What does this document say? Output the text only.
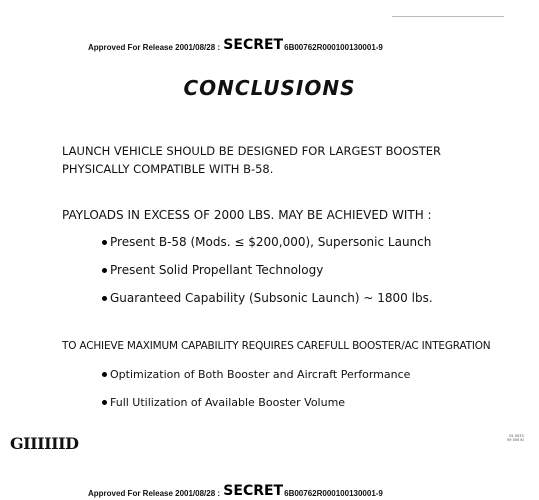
Approved For Release 2001/08/28 : SECRET6B00762R000100130001-9
CONCLUSIONS
LAUNCH VEHICLE SHOULD BE DESIGNED FOR LARGEST BOOSTER
PHYSICALLY COMPATIBLE WITH B-58.
PAYLOADS IN EXCESS OF 2000 LBS. MAY BE ACHIEVED WITH :
Present B-58 (Mods. ≤ $200,000), Supersonic Launch
Present Solid Propellant Technology
Guaranteed Capability (Subsonic Launch) ~ 1800 lbs.
TO ACHIEVE MAXIMUM CAPABILITY REQUIRES CAREFULL BOOSTER/AC INTEGRATION
Optimization of Both Booster and Aircraft Performance
Full Utilization of Available Booster Volume
GIIIIIID	02 0533
59 005 KI
Approved For Release 2001/08/28 : SECRET6B00762R000100130001-9
